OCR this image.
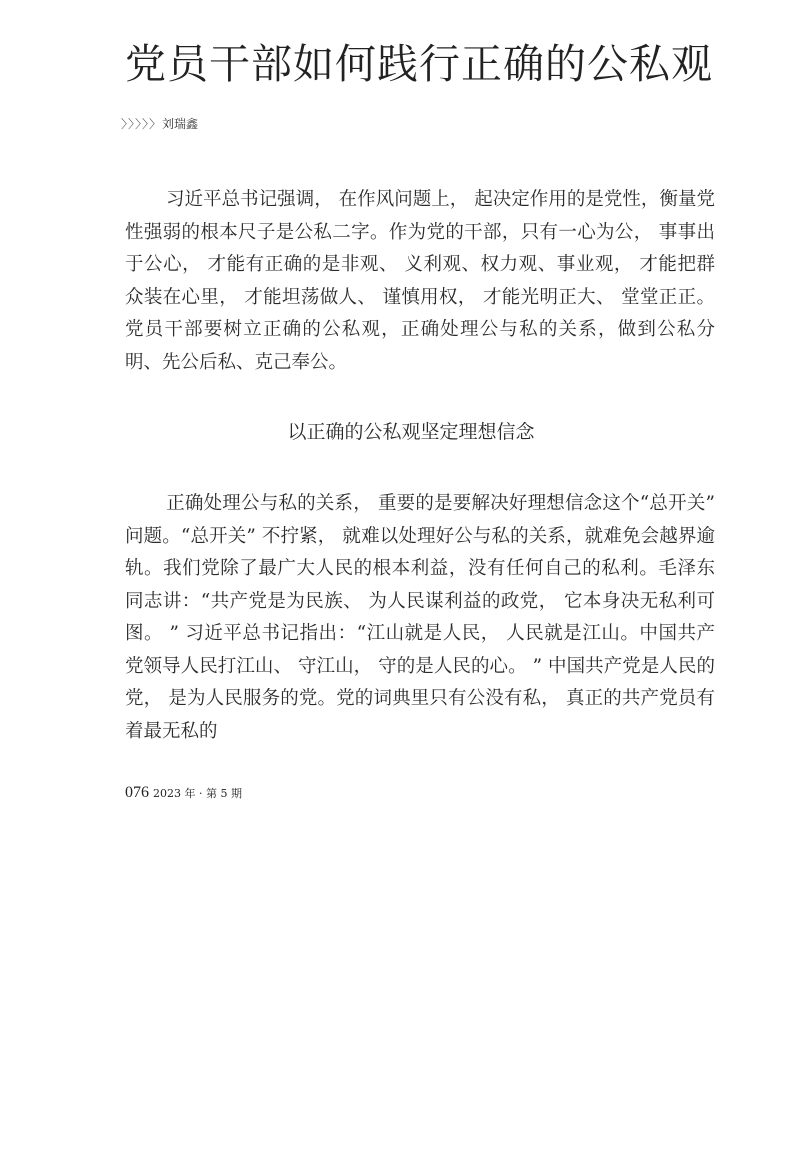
党员干部如何践行正确的公私观
〉〉〉〉〉刘瑞鑫

习近平总书记强调， 在作风问题上， 起决定作用的是党性，衡量党性强弱的根本尺子是公私二字。作为党的干部，只有一心为公， 事事出于公心， 才能有正确的是非观、 义利观、权力观、事业观， 才能把群众装在心里， 才能坦荡做人、 谨慎用权， 才能光明正大、 堂堂正正。党员干部要树立正确的公私观，正确处理公与私的关系，做到公私分明、先公后私、克己奉公。

以正确的公私观坚定理想信念

正确处理公与私的关系， 重要的是要解决好理想信念这个“总开关” 问题。“总开关” 不拧紧， 就难以处理好公与私的关系，就难免会越界逾轨。我们党除了最广大人民的根本利益，没有任何自己的私利。毛泽东同志讲：“共产党是为民族、 为人民谋利益的政党， 它本身决无私利可图。 ” 习近平总书记指出：“江山就是人民， 人民就是江山。中国共产党领导人民打江山、 守江山， 守的是人民的心。 ” 中国共产党是人民的党， 是为人民服务的党。党的词典里只有公没有私， 真正的共产党员有着最无私的

076 2023 年 · 第 5 期
